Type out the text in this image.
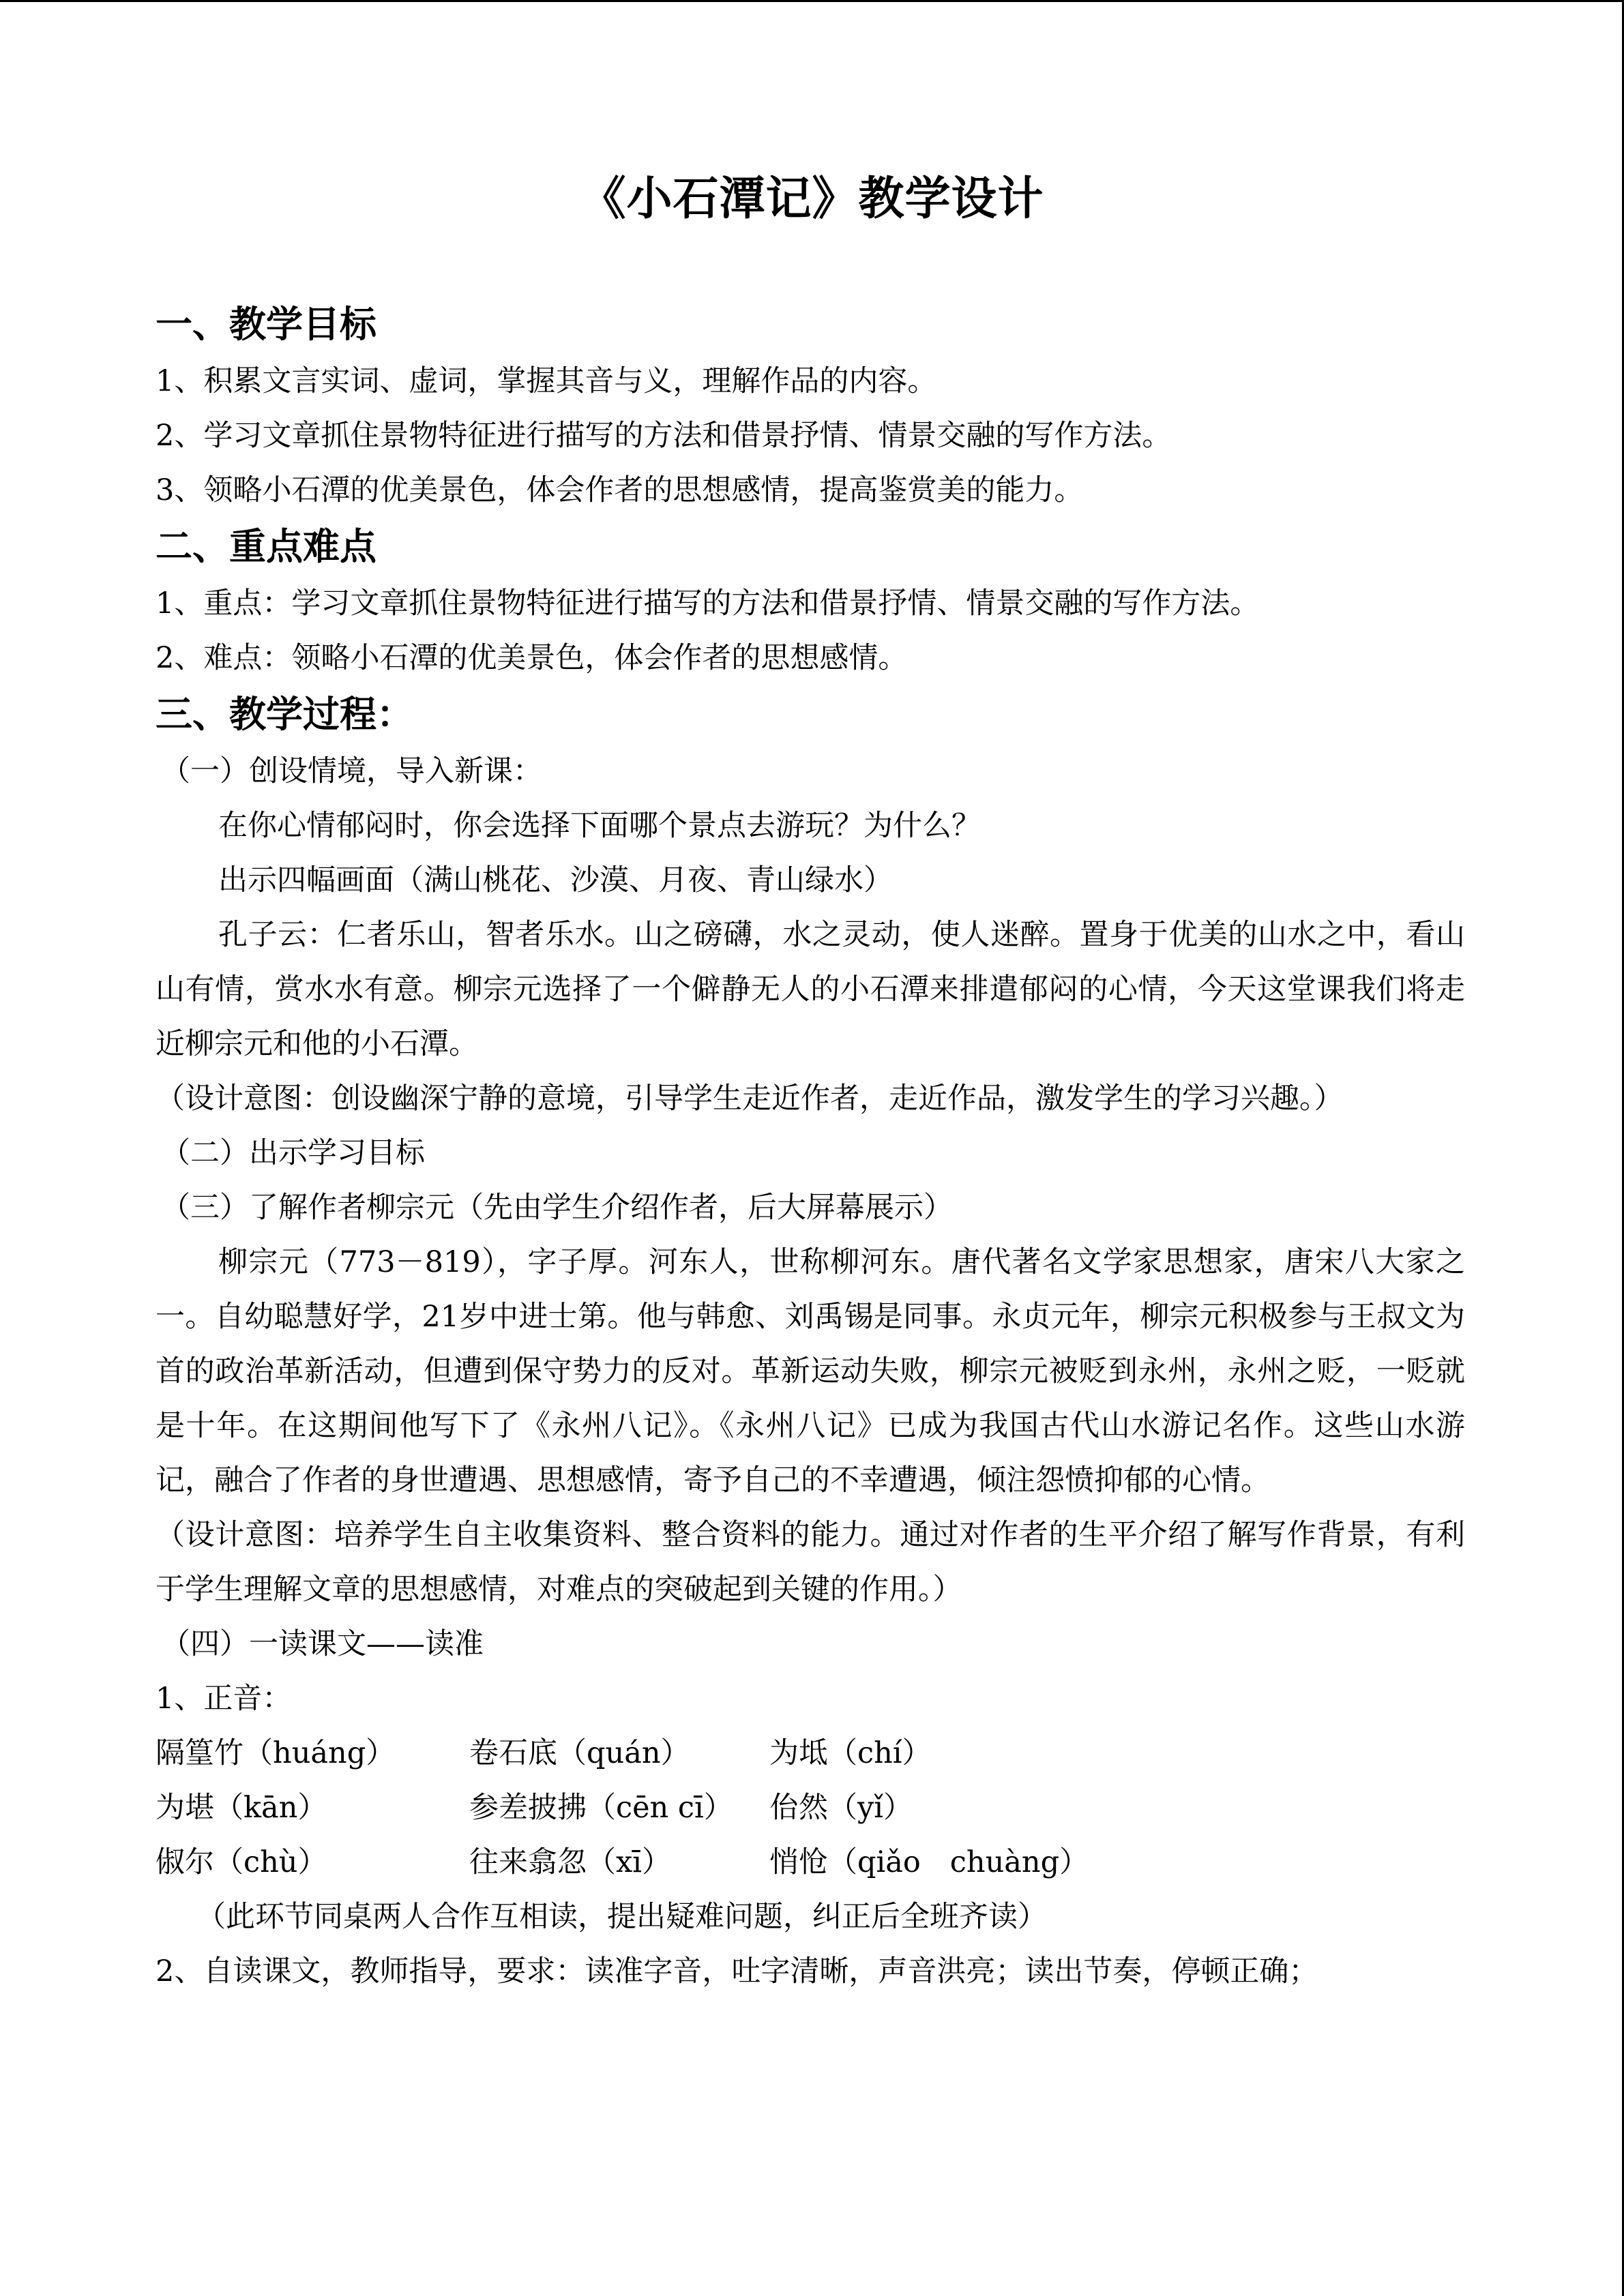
《小石潭记》教学设计
一、教学目标

1、积累文言实词、虚词，掌握其音与义，理解作品的内容。

2、学习文章抓住景物特征进行描写的方法和借景抒情、情景交融的写作方法。

3、领略小石潭的优美景色，体会作者的思想感情，提高鉴赏美的能力。

二、重点难点

1、重点：学习文章抓住景物特征进行描写的方法和借景抒情、情景交融的写作方法。

2、难点：领略小石潭的优美景色，体会作者的思想感情。

三、教学过程：

（一）创设情境，导入新课：

在你心情郁闷时，你会选择下面哪个景点去游玩？为什么？

出示四幅画面（满山桃花、沙漠、月夜、青山绿水）

孔子云：仁者乐山，智者乐水。山之磅礴，水之灵动，使人迷醉。置身于优美的山水之中，看山山有情，赏水水有意。柳宗元选择了一个僻静无人的小石潭来排遣郁闷的心情，今天这堂课我们将走近柳宗元和他的小石潭。

（设计意图：创设幽深宁静的意境，引导学生走近作者，走近作品，激发学生的学习兴趣。）

（二）出示学习目标

（三）了解作者柳宗元（先由学生介绍作者，后大屏幕展示）

柳宗元（773－819），字子厚。河东人，世称柳河东。唐代著名文学家思想家，唐宋八大家之一。自幼聪慧好学，21岁中进士第。他与韩愈、刘禹锡是同事。永贞元年，柳宗元积极参与王叔文为首的政治革新活动，但遭到保守势力的反对。革新运动失败，柳宗元被贬到永州，永州之贬，一贬就是十年。在这期间他写下了《永州八记》。《永州八记》已成为我国古代山水游记名作。这些山水游记，融合了作者的身世遭遇、思想感情，寄予自己的不幸遭遇，倾注怨愤抑郁的心情。

（设计意图：培养学生自主收集资料、整合资料的能力。通过对作者的生平介绍了解写作背景，有利于学生理解文章的思想感情，对难点的突破起到关键的作用。）

（四）一读课文——读准

1、正音：

隔篁竹（huáng）	卷石底（quán）	为坻（chí）
为堪（kān）	参差披拂（cēn cī）	佁然（yǐ）
俶尔（chù）	往来翕忽（xī）	悄怆（qiǎo　chuàng）

（此环节同桌两人合作互相读，提出疑难问题，纠正后全班齐读）

2、自读课文，教师指导，要求：读准字音，吐字清晰，声音洪亮；读出节奏，停顿正确；
